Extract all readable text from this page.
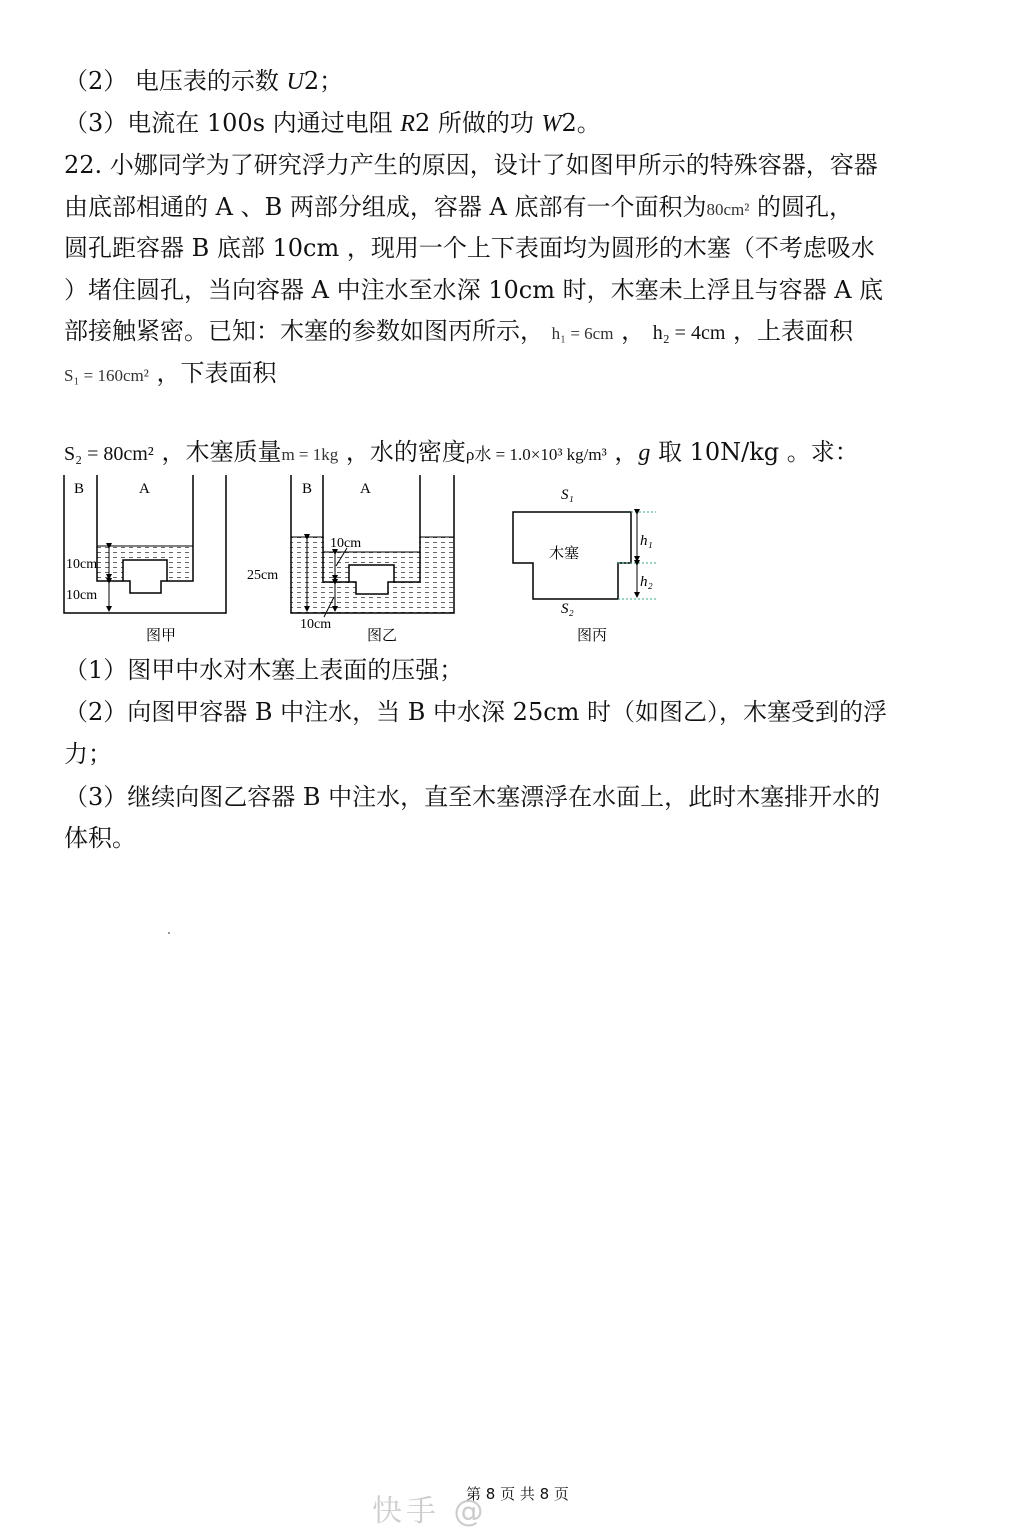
（2） 电压表的示数 U2；
（3）电流在 100s 内通过电阻 R2 所做的功 W2。
22. 小娜同学为了研究浮力产生的原因，设计了如图甲所示的特殊容器，容器
由底部相通的 A 、B 两部分组成，容器 A 底部有一个面积为80cm² 的圆孔，
圆孔距容器 B 底部 10cm ，现用一个上下表面均为圆形的木塞（不考虑吸水
）堵住圆孔，当向容器 A 中注水至水深 10cm 时，木塞未上浮且与容器 A 底
部接触紧密。已知：木塞的参数如图丙所示， h₁ = 6cm ， h₂ = 4cm ，上表面积
S₁ = 160cm² ，下表面积
S₂ = 80cm² ，木塞质量m = 1kg ，水的密度ρ水 = 1.0×10³ kg/m³ ，g 取 10N/kg 。求：
B	A
10cm
10cm
图甲
B	A
10cm
25cm
10cm
图乙
S₁
S₂
h₁
h₂
木塞
图丙
（1）图甲中水对木塞上表面的压强；
（2）向图甲容器 B 中注水，当 B 中水深 25cm 时（如图乙），木塞受到的浮
力；
（3）继续向图乙容器 B 中注水，直至木塞漂浮在水面上，此时木塞排开水的
体积。
快手 @
第 8 页 共 8 页
